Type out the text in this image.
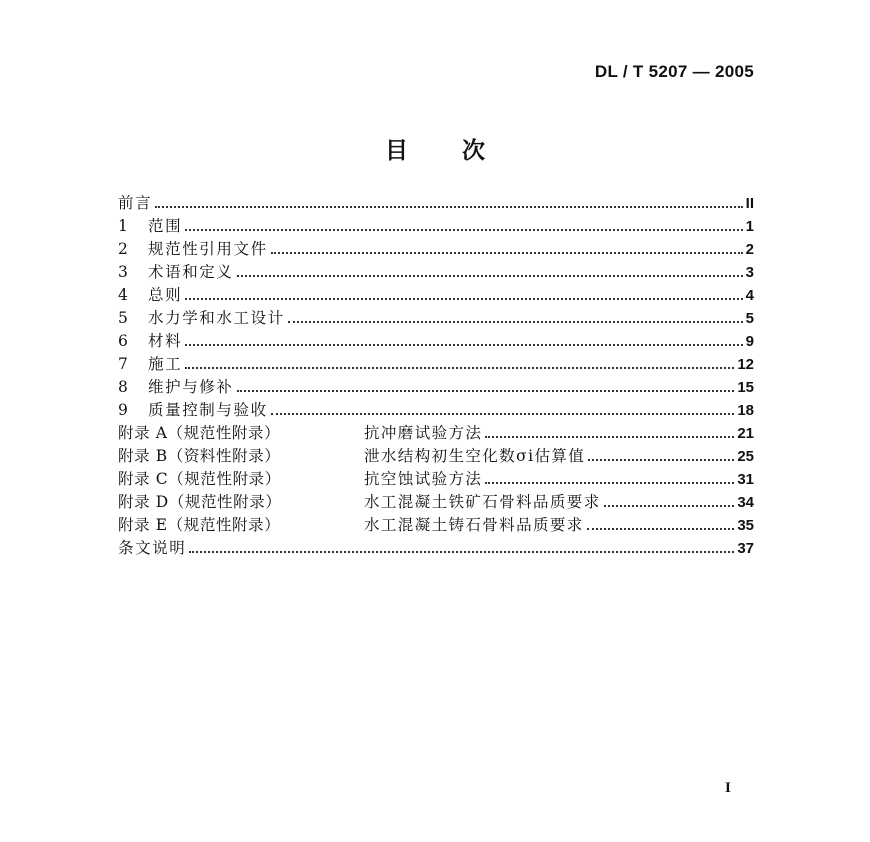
DL / T 5207 — 2005
目 次
前言	II
1	范围	1
2	规范性引用文件	2
3	术语和定义	3
4	总则	4
5	水力学和水工设计	5
6	材料	9
7	施工	12
8	维护与修补	15
9	质量控制与验收	18
附录 A（规范性附录）	抗冲磨试验方法	21
附录 B（资料性附录）	泄水结构初生空化数σi估算值	25
附录 C（规范性附录）	抗空蚀试验方法	31
附录 D（规范性附录）	水工混凝土铁矿石骨料品质要求	34
附录 E（规范性附录）	水工混凝土铸石骨料品质要求	35
条文说明	37
I
